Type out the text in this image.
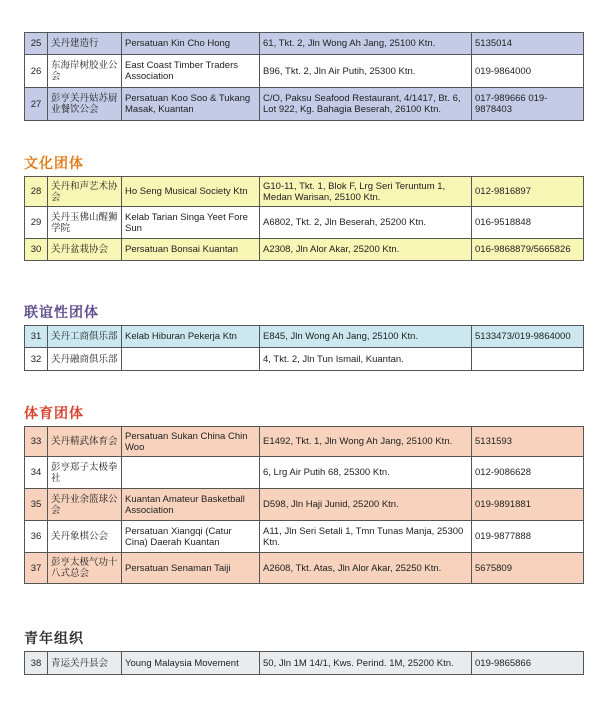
25	关丹建造行	Persatuan Kin Cho Hong	61, Tkt. 2, Jln Wong Ah Jang, 25100 Ktn.	5135014
26	东海岸树胶业公会	East Coast Timber Traders Association	B96, Tkt. 2, Jln Air Putih, 25300 Ktn.	019-9864000
27	彭亨关丹姑苏厨业餐饮公会	Persatuan Koo Soo & Tukang Masak, Kuantan	C/O, Paksu Seafood Restaurant, 4/1417, Bt. 6, Lot 922, Kg. Bahagia Beserah, 26100 Ktn.	017-989666 019-9878403
文化团体
28	关丹和声艺术协会	Ho Seng Musical Society Ktn	G10-11, Tkt. 1, Blok F, Lrg Seri Teruntum 1, Medan Warisan, 25100 Ktn.	012-9816897
29	关丹玉佛山醒狮学院	Kelab Tarian Singa Yeet Fore Sun	A6802, Tkt. 2, Jln Beserah, 25200 Ktn.	016-9518848
30	关丹盆栽协会	Persatuan Bonsai Kuantan	A2308, Jln Alor Akar, 25200 Ktn.	016-9868879/5665826
联谊性团体
31	关丹工商俱乐部	Kelab Hiburan Pekerja Ktn	E845, Jln Wong Ah Jang, 25100 Ktn.	5133473/019-9864000
32	关丹融商俱乐部		4, Tkt. 2, Jln Tun Ismail, Kuantan.	
体育团体
33	关丹精武体育会	Persatuan Sukan China Chin Woo	E1492, Tkt. 1, Jln Wong Ah Jang, 25100 Ktn.	5131593
34	彭亨郑子太极拳社		6, Lrg Air Putih 68, 25300 Ktn.	012-9086628
35	关丹业余篮球公会	Kuantan Amateur Basketball Association	D598, Jln Haji Junid, 25200 Ktn.	019-9891881
36	关丹象棋公会	Persatuan Xiangqi (Catur Cina) Daerah Kuantan	A11, Jln Seri Setali 1, Tmn Tunas Manja, 25300 Ktn.	019-9877888
37	彭亨太极气功十八式总会	Persatuan Senaman Taiji	A2608, Tkt. Atas, Jln Alor Akar, 25250 Ktn.	5675809
青年组织
38	青运关丹县会	Young Malaysia Movement	50, Jln 1M 14/1, Kws. Perind. 1M, 25200 Ktn.	019-9865866
